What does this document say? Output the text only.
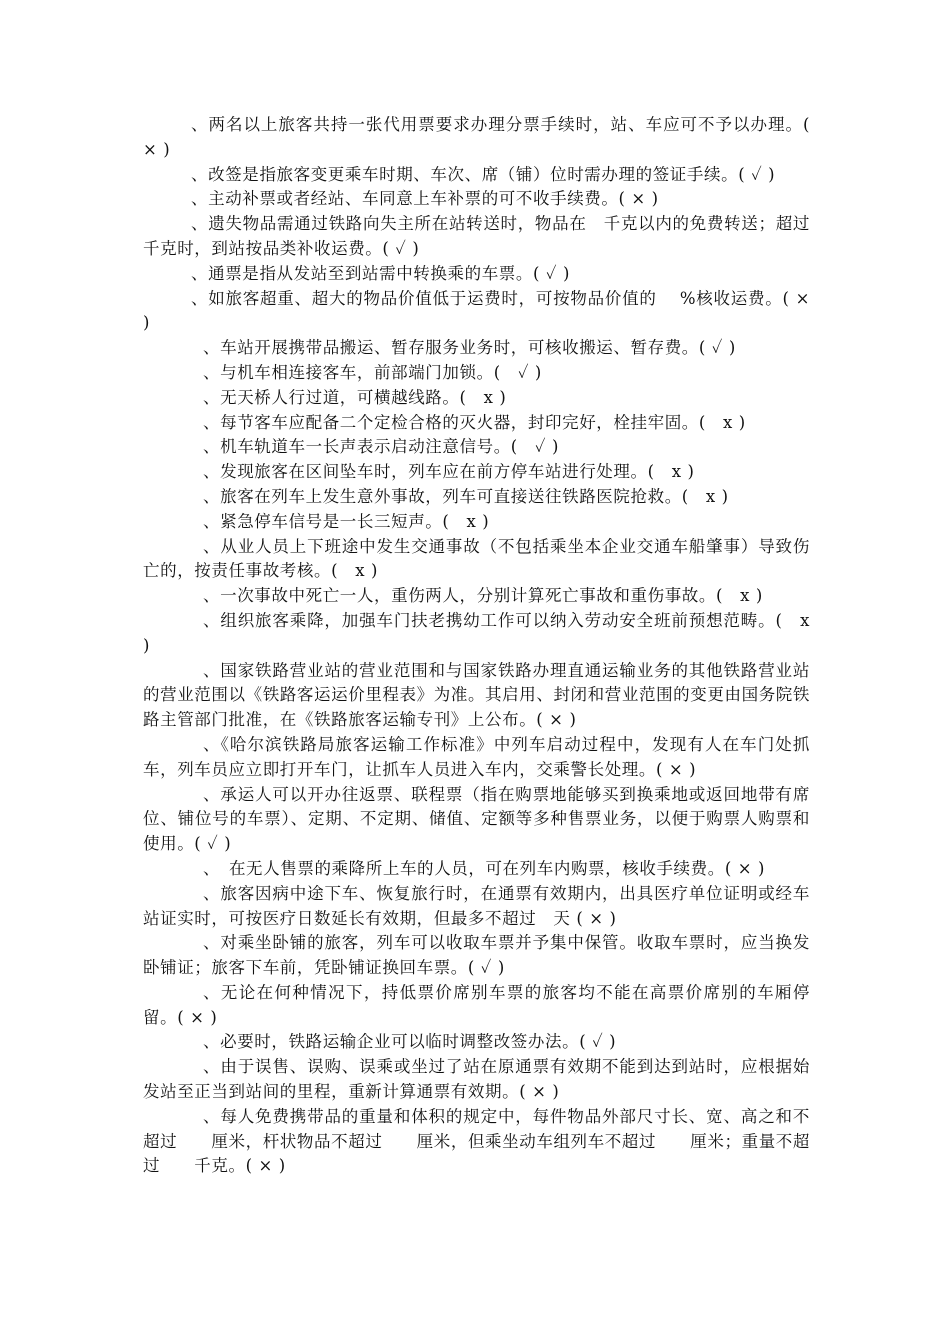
、两名以上旅客共持一张代用票要求办理分票手续时，站、车应可不予以办理。( × )

、改签是指旅客变更乘车时期、车次、席（铺）位时需办理的签证手续。( ✓ )

、主动补票或者经站、车同意上车补票的可不收手续费。( × )

、遗失物品需通过铁路向失主所在站转送时，物品在　千克以内的免费转送；超过　千克时，到站按品类补收运费。( ✓ )

、通票是指从发站至到站需中转换乘的车票。( ✓ )

、如旅客超重、超大的物品价值低于运费时，可按物品价值的　 %核收运费。( × )

、车站开展携带品搬运、暂存服务业务时，可核收搬运、暂存费。( ✓ )

、与机车相连接客车，前部端门加锁。(　✓ )

、无天桥人行过道，可横越线路。(　x )

、每节客车应配备二个定检合格的灭火器，封印完好，栓挂牢固。(　x )

、机车轨道车一长声表示启动注意信号。(　✓ )

、发现旅客在区间坠车时，列车应在前方停车站进行处理。(　x )

、旅客在列车上发生意外事故，列车可直接送往铁路医院抢救。(　x )

、紧急停车信号是一长三短声。(　x )

、从业人员上下班途中发生交通事故（不包括乘坐本企业交通车船肇事）导致伤亡的，按责任事故考核。(　x )

、一次事故中死亡一人，重伤两人，分别计算死亡事故和重伤事故。(　x )

、组织旅客乘降，加强车门扶老携幼工作可以纳入劳动安全班前预想范畴。(　x )

、国家铁路营业站的营业范围和与国家铁路办理直通运输业务的其他铁路营业站的营业范围以《铁路客运运价里程表》为准。其启用、封闭和营业范围的变更由国务院铁路主管部门批准，在《铁路旅客运输专刊》上公布。( × )

、《哈尔滨铁路局旅客运输工作标准》中列车启动过程中，发现有人在车门处抓车，列车员应立即打开车门，让抓车人员进入车内，交乘警长处理。( × )

、承运人可以开办往返票、联程票（指在购票地能够买到换乘地或返回地带有席位、铺位号的车票）、定期、不定期、储值、定额等多种售票业务，以便于购票人购票和使用。( ✓ )

、　在无人售票的乘降所上车的人员，可在列车内购票，核收手续费。( × )

、旅客因病中途下车、恢复旅行时，在通票有效期内，出具医疗单位证明或经车站证实时，可按医疗日数延长有效期，但最多不超过　天 ( × )

、对乘坐卧铺的旅客，列车可以收取车票并予集中保管。收取车票时，应当换发卧铺证；旅客下车前，凭卧铺证换回车票。( ✓ )

、无论在何种情况下，持低票价席别车票的旅客均不能在高票价席别的车厢停留。( × )

、必要时，铁路运输企业可以临时调整改签办法。( ✓ )

、由于误售、误购、误乘或坐过了站在原通票有效期不能到达到站时，应根据始发站至正当到站间的里程，重新计算通票有效期。( × )

、每人免费携带品的重量和体积的规定中，每件物品外部尺寸长、宽、高之和不超过　　厘米，杆状物品不超过　　厘米，但乘坐动车组列车不超过　　厘米；重量不超过　　千克。( × )
